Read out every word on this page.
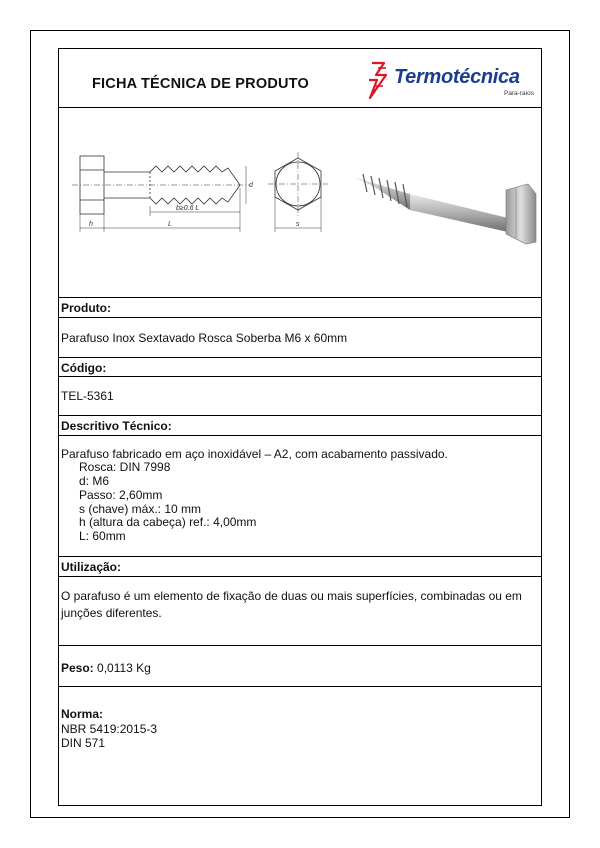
FICHA TÉCNICA DE PRODUTO	Termotécnica
Para-raios
b≥0.6 L
d
h	L	s
Produto:
Parafuso Inox Sextavado Rosca Soberba M6 x 60mm
Código:
TEL-5361
Descritivo Técnico:
Parafuso fabricado em aço inoxidável – A2, com acabamento passivado.
Rosca: DIN 7998
d: M6
Passo: 2,60mm
s (chave) máx.: 10 mm
h (altura da cabeça) ref.: 4,00mm
L: 60mm
Utilização:
O parafuso é um elemento de fixação de duas ou mais superfícies, combinadas ou em junções diferentes.
Peso: 0,0113 Kg
Norma:
NBR 5419:2015-3
DIN 571
